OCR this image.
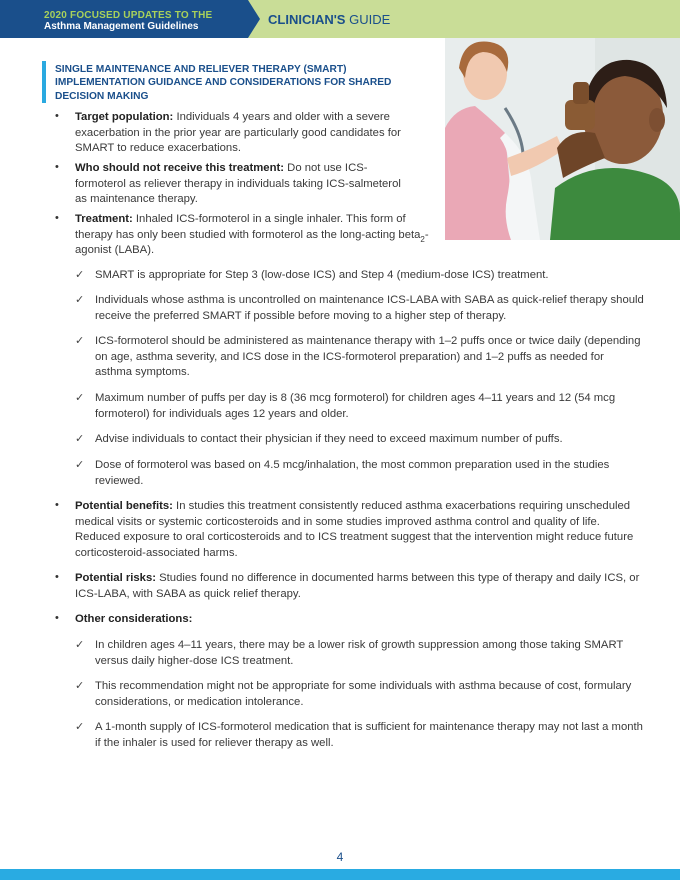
2020 FOCUSED UPDATES TO THE
Asthma Management Guidelines	CLINICIAN'S GUIDE
SINGLE MAINTENANCE AND RELIEVER THERAPY (SMART) IMPLEMENTATION GUIDANCE AND CONSIDERATIONS FOR SHARED DECISION MAKING
• Target population: Individuals 4 years and older with a severe exacerbation in the prior year are particularly good candidates for SMART to reduce exacerbations.

• Who should not receive this treatment: Do not use ICS-formoterol as reliever therapy in individuals taking ICS-salmeterol as maintenance therapy.

• Treatment: Inhaled ICS-formoterol in a single inhaler. This form of therapy has only been studied with formoterol as the long-acting beta$_2$-agonist (LABA).

✓ SMART is appropriate for Step 3 (low-dose ICS) and Step 4 (medium-dose ICS) treatment.

✓ Individuals whose asthma is uncontrolled on maintenance ICS-LABA with SABA as quick-relief therapy should receive the preferred SMART if possible before moving to a higher step of therapy.

✓ ICS-formoterol should be administered as maintenance therapy with 1–2 puffs once or twice daily (depending on age, asthma severity, and ICS dose in the ICS-formoterol preparation) and 1–2 puffs as needed for asthma symptoms.

✓ Maximum number of puffs per day is 8 (36 mcg formoterol) for children ages 4–11 years and 12 (54 mcg formoterol) for individuals ages 12 years and older.

✓ Advise individuals to contact their physician if they need to exceed maximum number of puffs.

✓ Dose of formoterol was based on 4.5 mcg/inhalation, the most common preparation used in the studies reviewed.

• Potential benefits: In studies this treatment consistently reduced asthma exacerbations requiring unscheduled medical visits or systemic corticosteroids and in some studies improved asthma control and quality of life. Reduced exposure to oral corticosteroids and to ICS treatment suggest that the intervention might reduce future corticosteroid-associated harms.

• Potential risks: Studies found no difference in documented harms between this type of therapy and daily ICS, or ICS-LABA, with SABA as quick relief therapy.

• Other considerations:

✓ In children ages 4–11 years, there may be a lower risk of growth suppression among those taking SMART versus daily higher-dose ICS treatment.

✓ This recommendation might not be appropriate for some individuals with asthma because of cost, formulary considerations, or medication intolerance.

✓ A 1-month supply of ICS-formoterol medication that is sufficient for maintenance therapy may not last a month if the inhaler is used for reliever therapy as well.

4
